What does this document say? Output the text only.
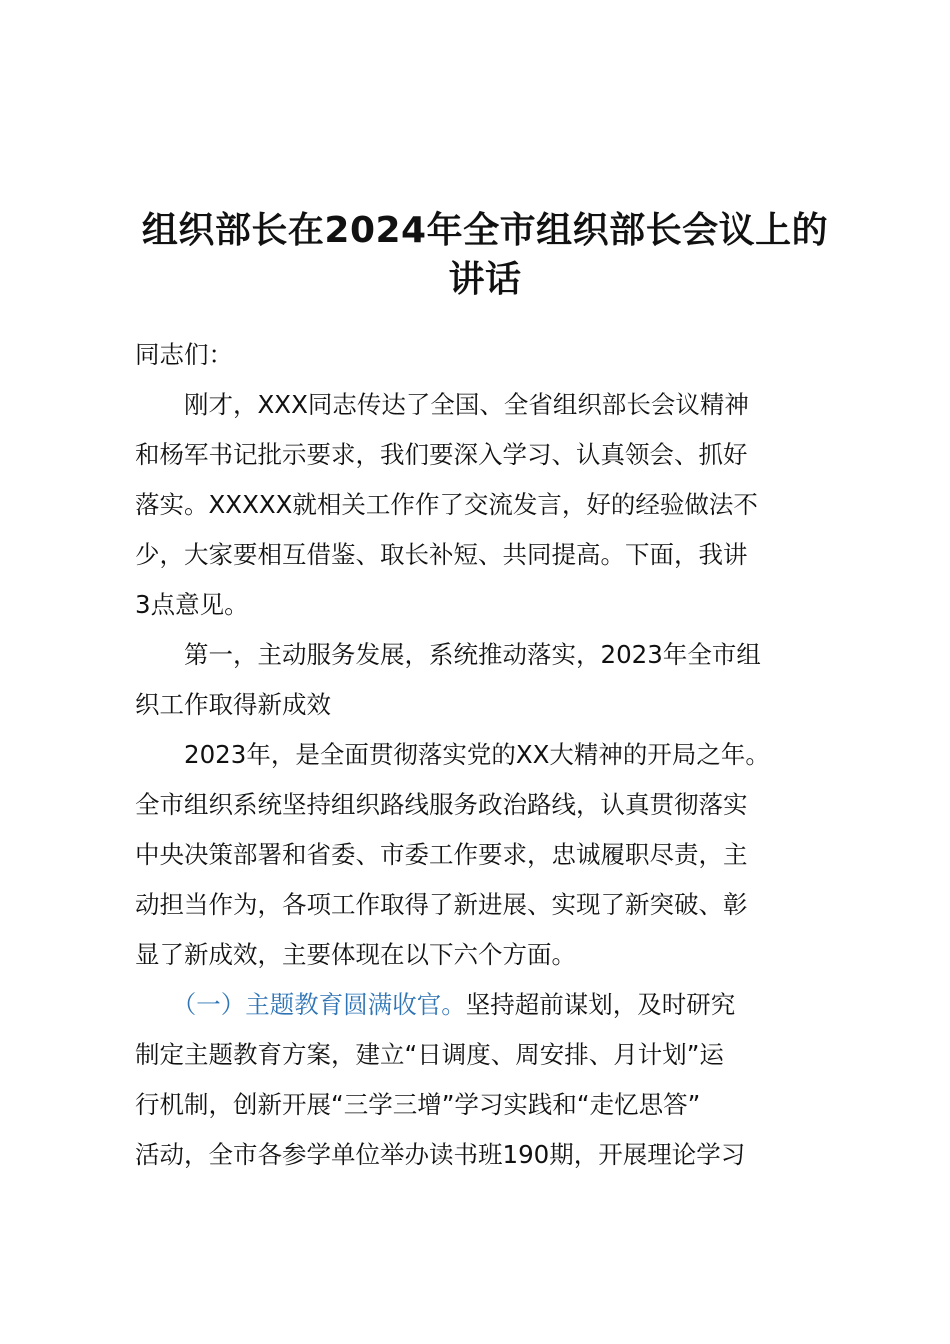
组织部长在2024年全市组织部长会议上的
讲话
同志们：
　　刚才，XXX同志传达了全国、全省组织部长会议精神
和杨军书记批示要求，我们要深入学习、认真领会、抓好
落实。XXXXX就相关工作作了交流发言，好的经验做法不
少，大家要相互借鉴、取长补短、共同提高。下面，我讲
3点意见。
　　第一，主动服务发展，系统推动落实，2023年全市组
织工作取得新成效
　　2023年，是全面贯彻落实党的XX大精神的开局之年。
全市组织系统坚持组织路线服务政治路线，认真贯彻落实
中央决策部署和省委、市委工作要求，忠诚履职尽责，主
动担当作为，各项工作取得了新进展、实现了新突破、彰
显了新成效，主要体现在以下六个方面。
　　（一）主题教育圆满收官。坚持超前谋划，及时研究
制定主题教育方案，建立“日调度、周安排、月计划”运
行机制，创新开展“三学三增”学习实践和“走忆思答”
活动，全市各参学单位举办读书班190期，开展理论学习
